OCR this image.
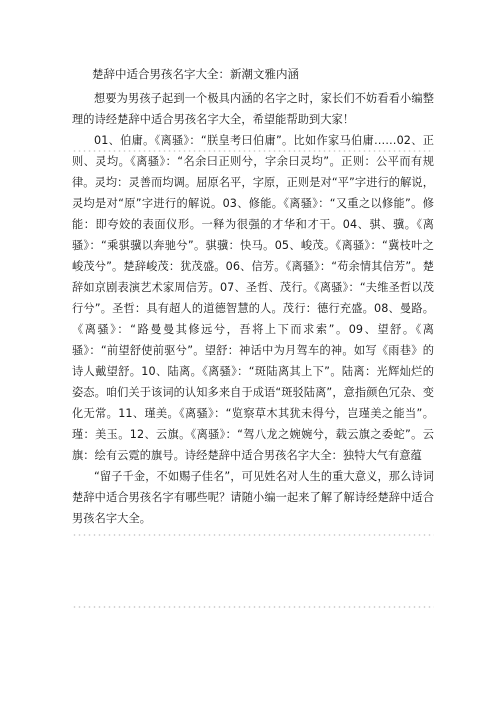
楚辞中适合男孩名字大全：新潮文雅内涵

想要为男孩子起到一个极具内涵的名字之时，家长们不妨看看小编整理的诗经楚辞中适合男孩名字大全，希望能帮助到大家！

01、伯庸。《离骚》：“朕皇考曰伯庸”。比如作家马伯庸……02、正则、灵均。《离骚》：“名余曰正则兮，字余曰灵均”。正则：公平而有规律。灵均：灵善而均调。屈原名平，字原，正则是对“平”字进行的解说，灵均是对“原”字进行的解说。03、修能。《离骚》：“又重之以修能”。修能：即夸姣的表面仪形。一释为很强的才华和才干。04、骐、骥。《离骚》：“乘骐骥以奔驰兮”。骐骥：快马。05、峻茂。《离骚》：“冀枝叶之峻茂兮”。楚辞峻茂：犹茂盛。06、信芳。《离骚》：“苟余情其信芳”。楚辞如京剧表演艺术家周信芳。07、圣哲、茂行。《离骚》：“夫维圣哲以茂行兮”。圣哲：具有超人的道德智慧的人。茂行：德行充盛。08、曼路。《离骚》：“路曼曼其修远兮，吾将上下而求索”。09、望舒。《离骚》：“前望舒使前驱兮”。望舒：神话中为月驾车的神。如写《雨巷》的诗人戴望舒。10、陆离。《离骚》：“斑陆离其上下”。陆离：光辉灿烂的姿态。咱们关于该词的认知多来自于成语“斑驳陆离”，意指颜色冗杂、变化无常。11、瑾美。《离骚》：“览察草木其犹未得兮，岂瑾美之能当”。瑾：美玉。12、云旗。《离骚》：“驾八龙之婉婉兮，载云旗之委蛇”。云旗：绘有云霓的旗号。诗经楚辞中适合男孩名字大全：独特大气有意蕴

“留子千金，不如赐子佳名”，可见姓名对人生的重大意义，那么诗词楚辞中适合男孩名字有哪些呢？请随小编一起来了解了解诗经楚辞中适合男孩名字大全。
